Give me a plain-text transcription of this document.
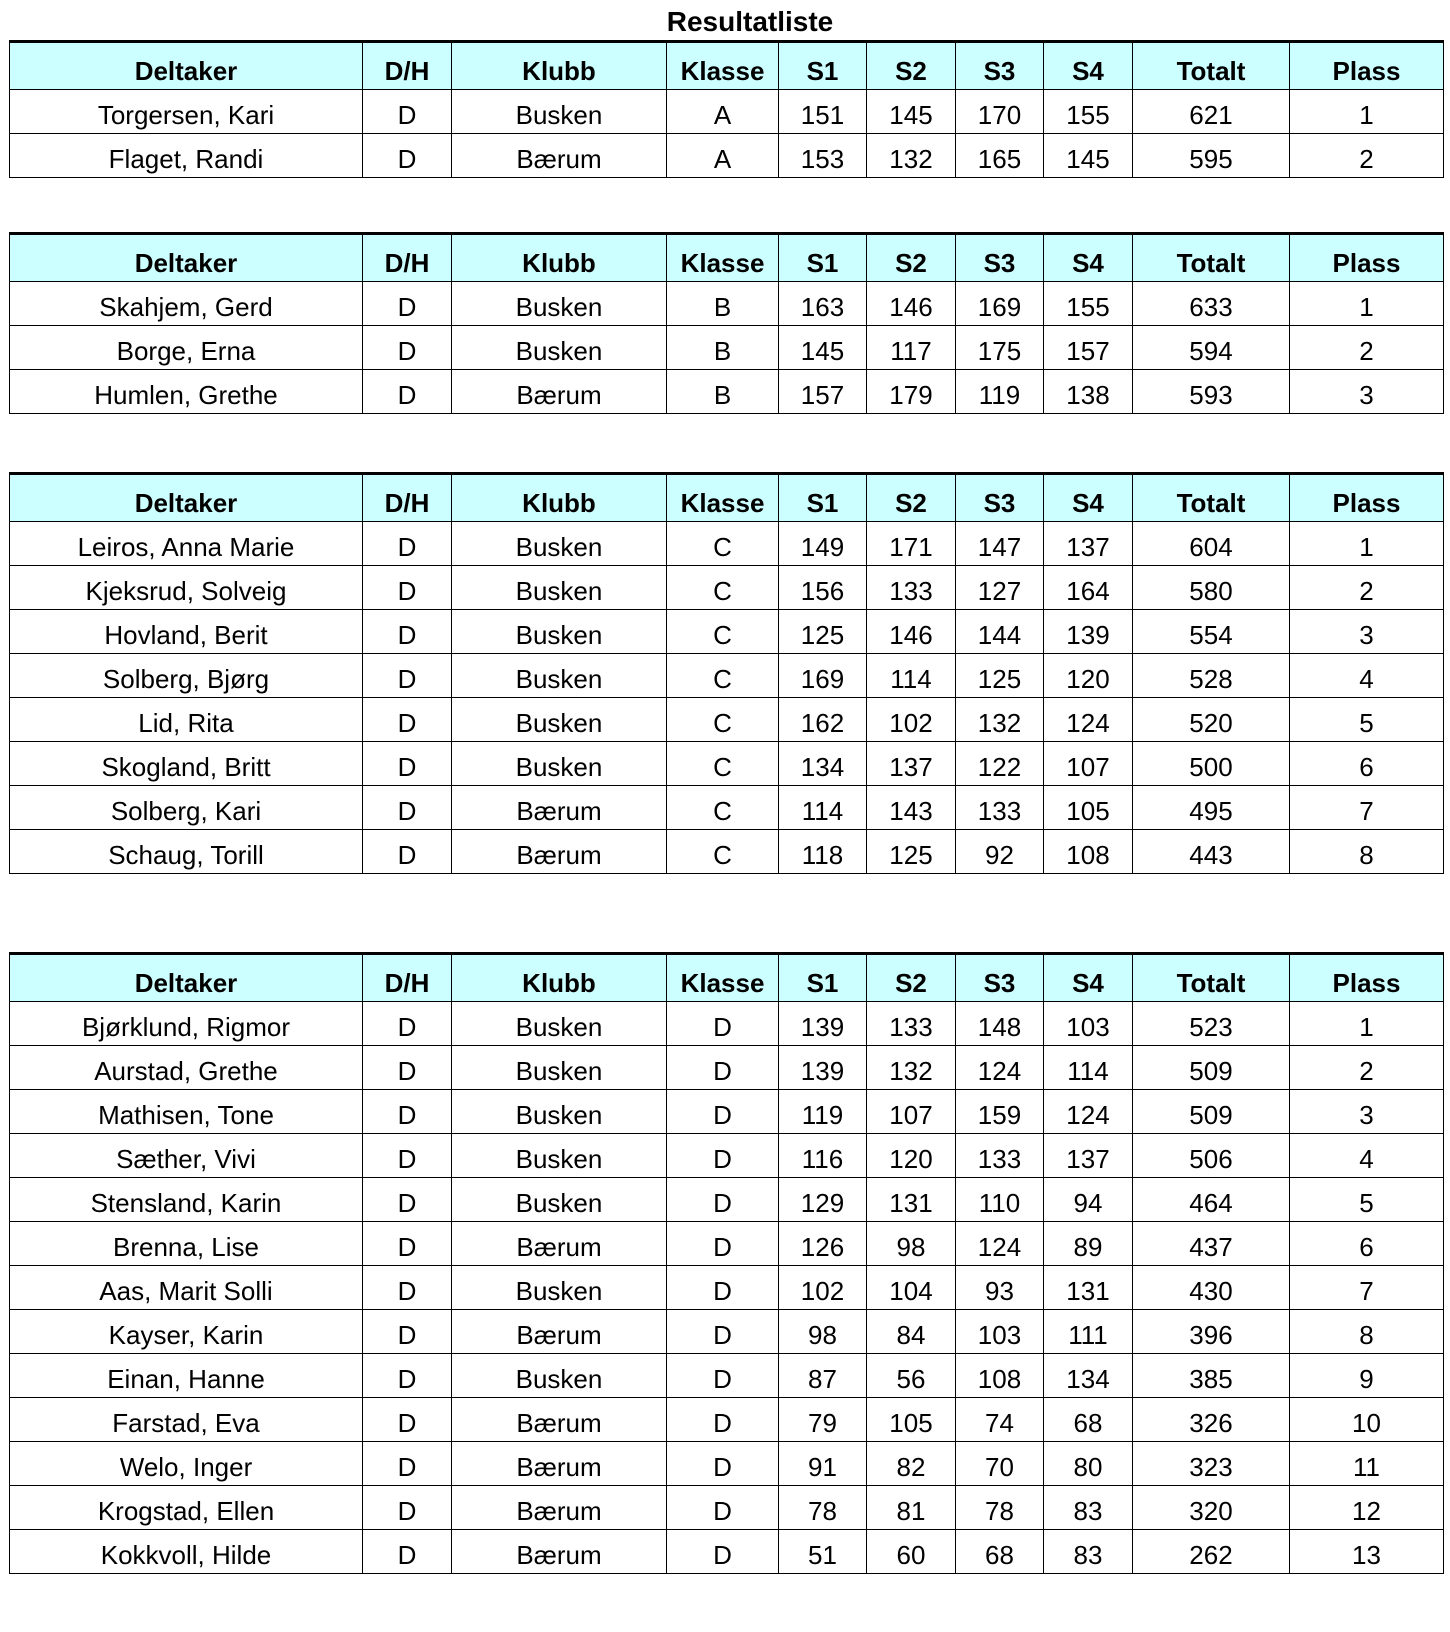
Resultatliste
Deltaker	D/H	Klubb	Klasse	S1	S2	S3	S4	Totalt	Plass
Torgersen, Kari	D	Busken	A	151	145	170	155	621	1
Flaget, Randi	D	Bærum	A	153	132	165	145	595	2
Deltaker	D/H	Klubb	Klasse	S1	S2	S3	S4	Totalt	Plass
Skahjem, Gerd	D	Busken	B	163	146	169	155	633	1
Borge, Erna	D	Busken	B	145	117	175	157	594	2
Humlen, Grethe	D	Bærum	B	157	179	119	138	593	3
Deltaker	D/H	Klubb	Klasse	S1	S2	S3	S4	Totalt	Plass
Leiros, Anna Marie	D	Busken	C	149	171	147	137	604	1
Kjeksrud, Solveig	D	Busken	C	156	133	127	164	580	2
Hovland, Berit	D	Busken	C	125	146	144	139	554	3
Solberg, Bjørg	D	Busken	C	169	114	125	120	528	4
Lid, Rita	D	Busken	C	162	102	132	124	520	5
Skogland, Britt	D	Busken	C	134	137	122	107	500	6
Solberg, Kari	D	Bærum	C	114	143	133	105	495	7
Schaug, Torill	D	Bærum	C	118	125	92	108	443	8
Deltaker	D/H	Klubb	Klasse	S1	S2	S3	S4	Totalt	Plass
Bjørklund, Rigmor	D	Busken	D	139	133	148	103	523	1
Aurstad, Grethe	D	Busken	D	139	132	124	114	509	2
Mathisen, Tone	D	Busken	D	119	107	159	124	509	3
Sæther, Vivi	D	Busken	D	116	120	133	137	506	4
Stensland, Karin	D	Busken	D	129	131	110	94	464	5
Brenna, Lise	D	Bærum	D	126	98	124	89	437	6
Aas, Marit Solli	D	Busken	D	102	104	93	131	430	7
Kayser, Karin	D	Bærum	D	98	84	103	111	396	8
Einan, Hanne	D	Busken	D	87	56	108	134	385	9
Farstad, Eva	D	Bærum	D	79	105	74	68	326	10
Welo, Inger	D	Bærum	D	91	82	70	80	323	11
Krogstad, Ellen	D	Bærum	D	78	81	78	83	320	12
Kokkvoll, Hilde	D	Bærum	D	51	60	68	83	262	13
